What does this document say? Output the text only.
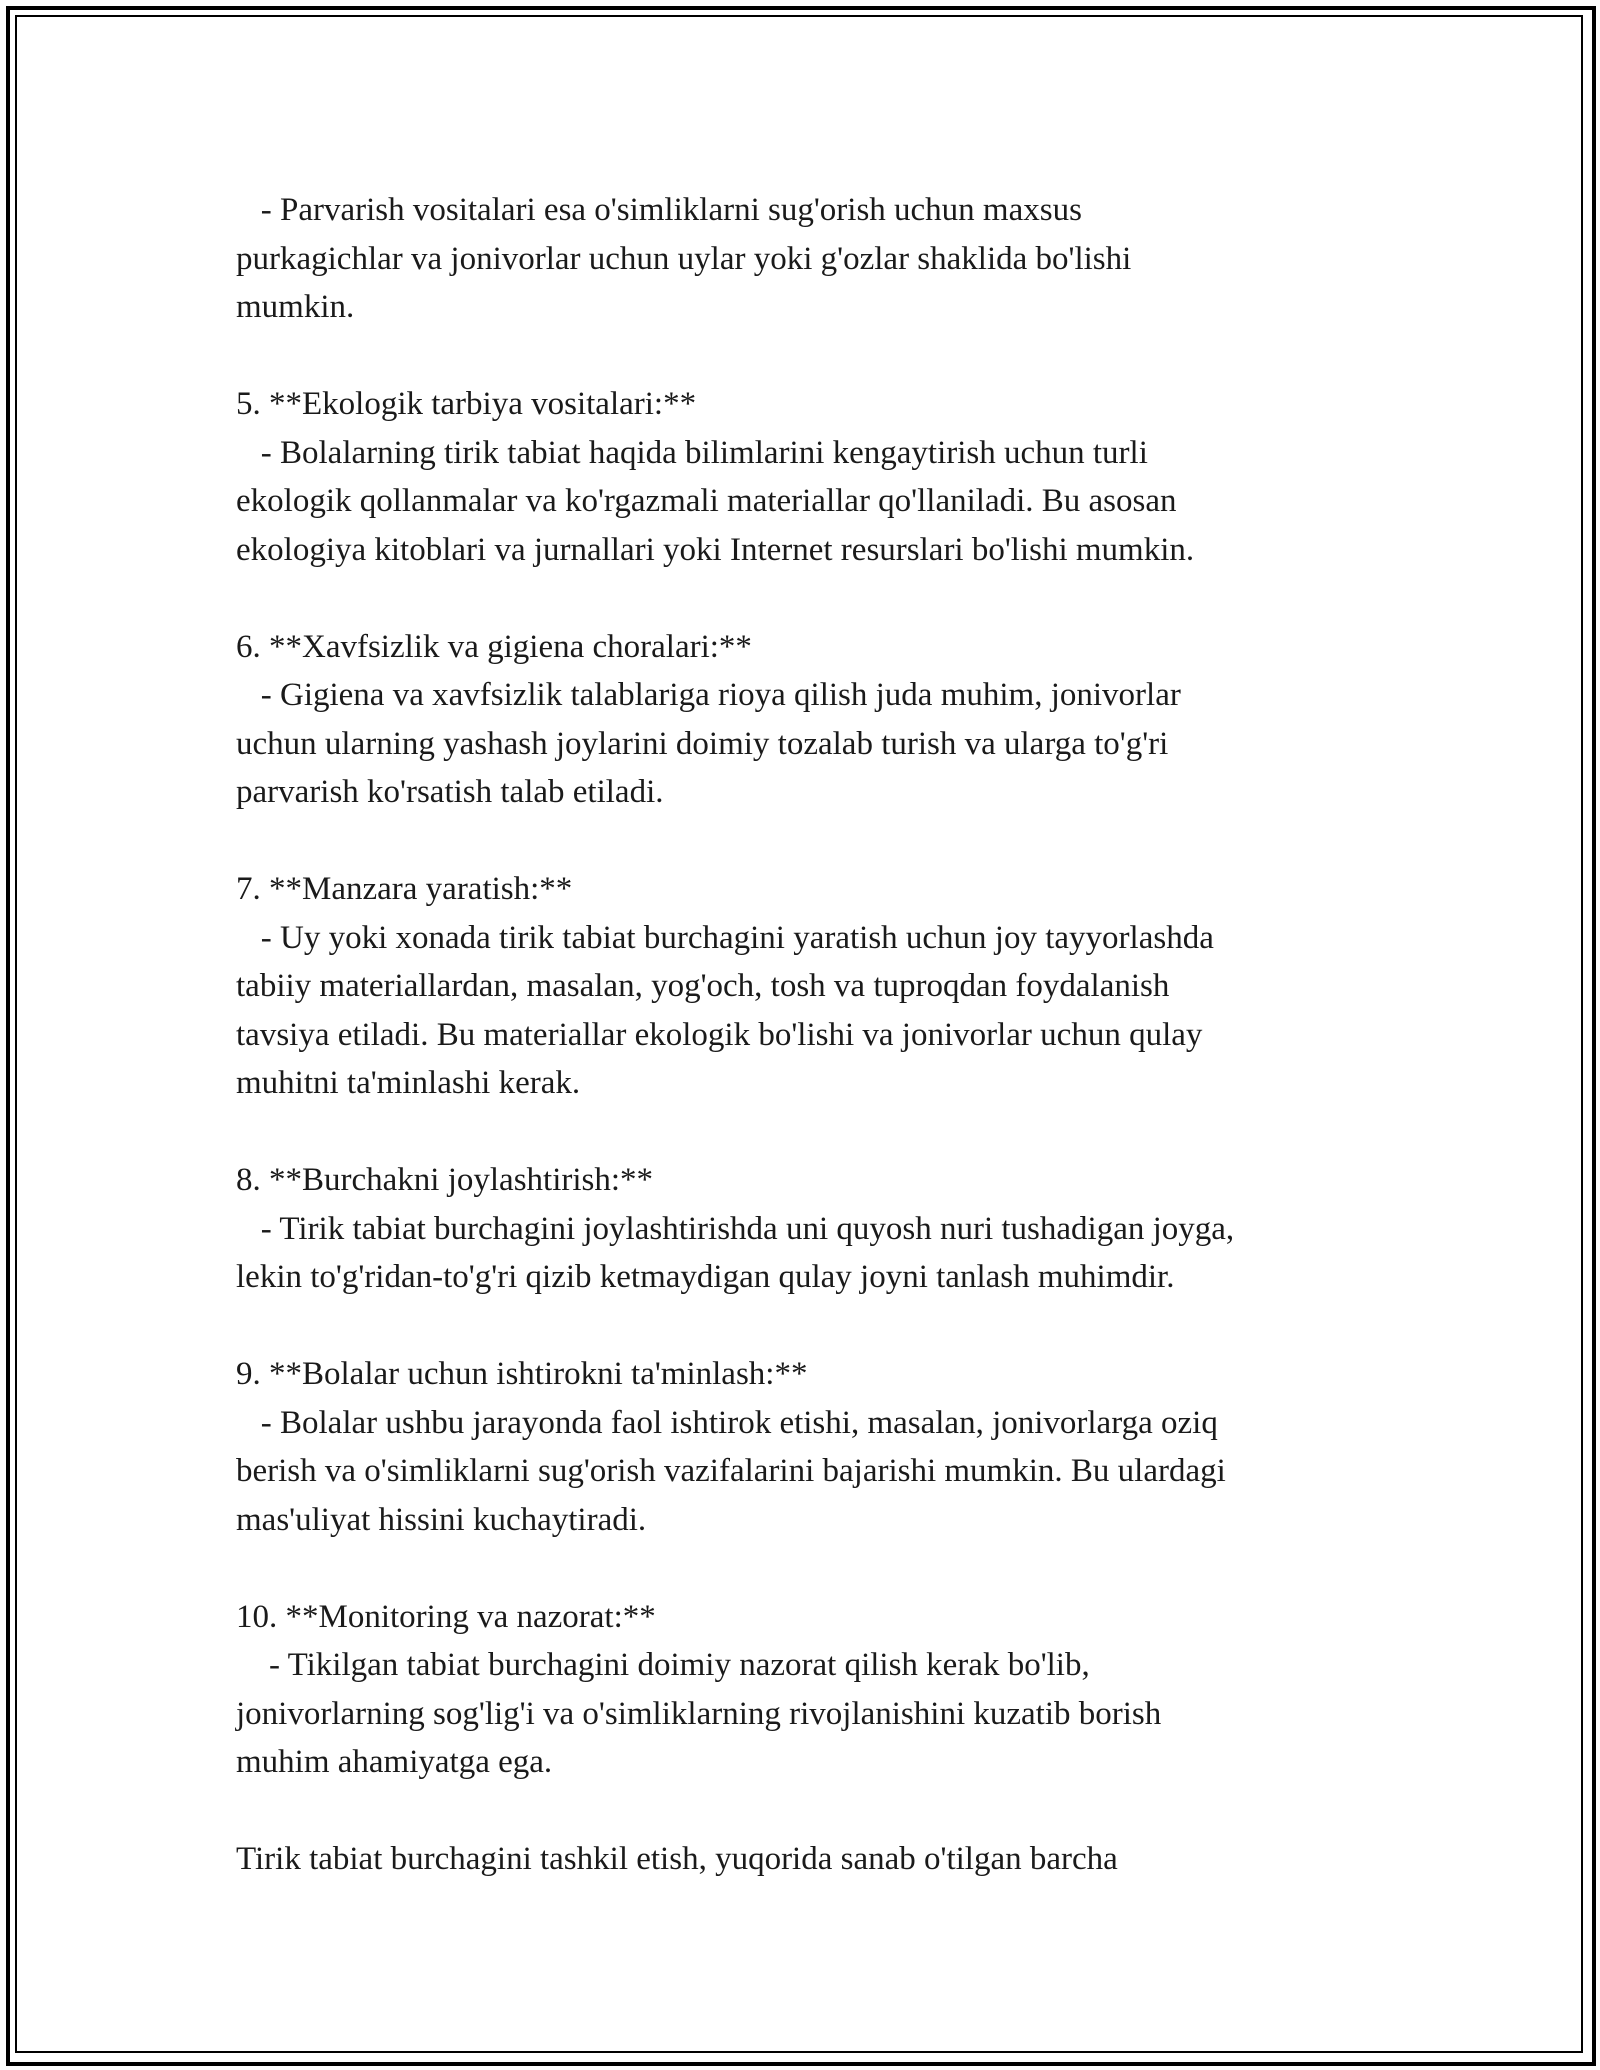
- Parvarish vositalari esa o'simliklarni sug'orish uchun maxsus
purkagichlar va jonivorlar uchun uylar yoki g'ozlar shaklida bo'lishi
mumkin.
5. **Ekologik tarbiya vositalari:**
- Bolalarning tirik tabiat haqida bilimlarini kengaytirish uchun turli
ekologik qollanmalar va ko'rgazmali materiallar qo'llaniladi. Bu asosan
ekologiya kitoblari va jurnallari yoki Internet resurslari bo'lishi mumkin.
6. **Xavfsizlik va gigiena choralari:**
- Gigiena va xavfsizlik talablariga rioya qilish juda muhim, jonivorlar
uchun ularning yashash joylarini doimiy tozalab turish va ularga to'g'ri
parvarish ko'rsatish talab etiladi.
7. **Manzara yaratish:**
- Uy yoki xonada tirik tabiat burchagini yaratish uchun joy tayyorlashda
tabiiy materiallardan, masalan, yog'och, tosh va tuproqdan foydalanish
tavsiya etiladi. Bu materiallar ekologik bo'lishi va jonivorlar uchun qulay
muhitni ta'minlashi kerak.
8. **Burchakni joylashtirish:**
- Tirik tabiat burchagini joylashtirishda uni quyosh nuri tushadigan joyga,
lekin to'g'ridan-to'g'ri qizib ketmaydigan qulay joyni tanlash muhimdir.
9. **Bolalar uchun ishtirokni ta'minlash:**
- Bolalar ushbu jarayonda faol ishtirok etishi, masalan, jonivorlarga oziq
berish va o'simliklarni sug'orish vazifalarini bajarishi mumkin. Bu ulardagi
mas'uliyat hissini kuchaytiradi.
10. **Monitoring va nazorat:**
- Tikilgan tabiat burchagini doimiy nazorat qilish kerak bo'lib,
jonivorlarning sog'lig'i va o'simliklarning rivojlanishini kuzatib borish
muhim ahamiyatga ega.
Tirik tabiat burchagini tashkil etish, yuqorida sanab o'tilgan barcha
